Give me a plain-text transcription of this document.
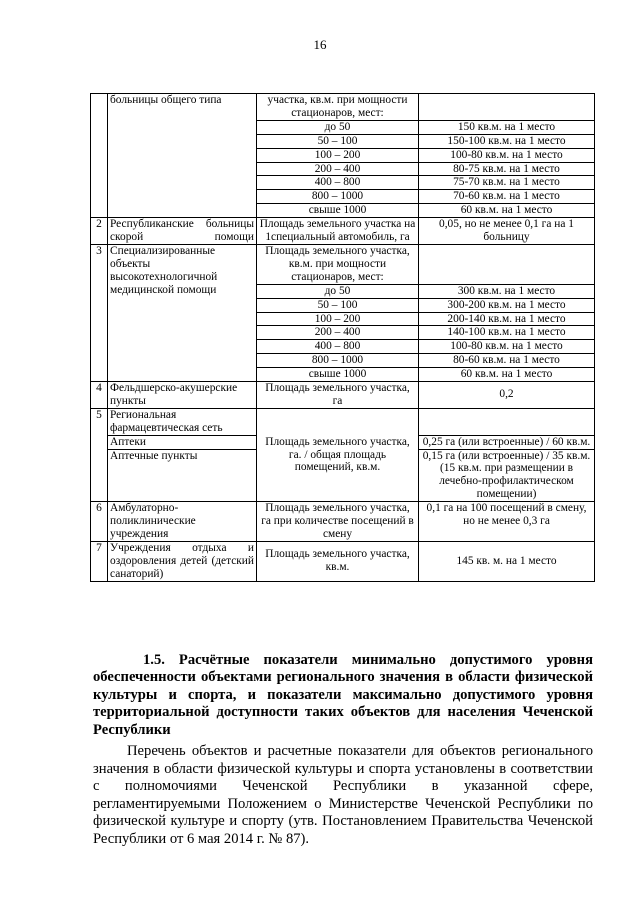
16
	больницы общего типа	участка, кв.м. при мощности стационаров, мест:	
		до 50	150 кв.м. на 1 место
		50 – 100	150-100 кв.м. на 1 место
		100 – 200	100-80 кв.м. на 1 место
		200 – 400	80-75 кв.м. на 1 место
		400 – 800	75-70 кв.м. на 1 место
		800 – 1000	70-60 кв.м. на 1 место
		свыше 1000	60 кв.м. на 1 место
2	Республиканские больницы скорой помощи	Площадь земельного участка на 1специальный автомобиль, га	0,05, но не менее 0,1 га на 1 больницу
3	Специализированные объекты высокотехнологичной медицинской помощи	Площадь земельного участка, кв.м. при мощности стационаров, мест:	
		до 50	300 кв.м. на 1 место
		50 – 100	300-200 кв.м. на 1 место
		100 – 200	200-140 кв.м. на 1 место
		200 – 400	140-100 кв.м. на 1 место
		400 – 800	100-80 кв.м. на 1 место
		800 – 1000	80-60 кв.м. на 1 место
		свыше 1000	60 кв.м. на 1 место
4	Фельдшерско-акушерские пункты	Площадь земельного участка, га	0,2
5	Региональная фармацевтическая сеть	Площадь земельного участка, га. / общая площадь помещений, кв.м.	
	Аптеки		0,25 га (или встроенные) / 60 кв.м.
	Аптечные пункты		0,15 га (или встроенные) / 35 кв.м. (15 кв.м. при размещении в лечебно-профилактическом помещении)
6	Амбулаторно-поликлинические учреждения	Площадь земельного участка, га при количестве посещений в смену	0,1 га на 100 посещений в смену, но не менее 0,3 га
7	Учреждения отдыха и оздоровления детей (детский санаторий)	Площадь земельного участка, кв.м.	145 кв. м. на 1 место

1.5. Расчётные показатели минимально допустимого уровня обеспеченности объектами регионального значения в области физической культуры и спорта, и показатели максимально допустимого уровня территориальной доступности таких объектов для населения Чеченской Республики

Перечень объектов и расчетные показатели для объектов регионального значения в области физической культуры и спорта установлены в соответствии с полномочиями Чеченской Республики в указанной сфере, регламентируемыми Положением о Министерстве Чеченской Республики по физической культуре и спорту (утв. Постановлением Правительства Чеченской Республики от 6 мая 2014 г. № 87).
